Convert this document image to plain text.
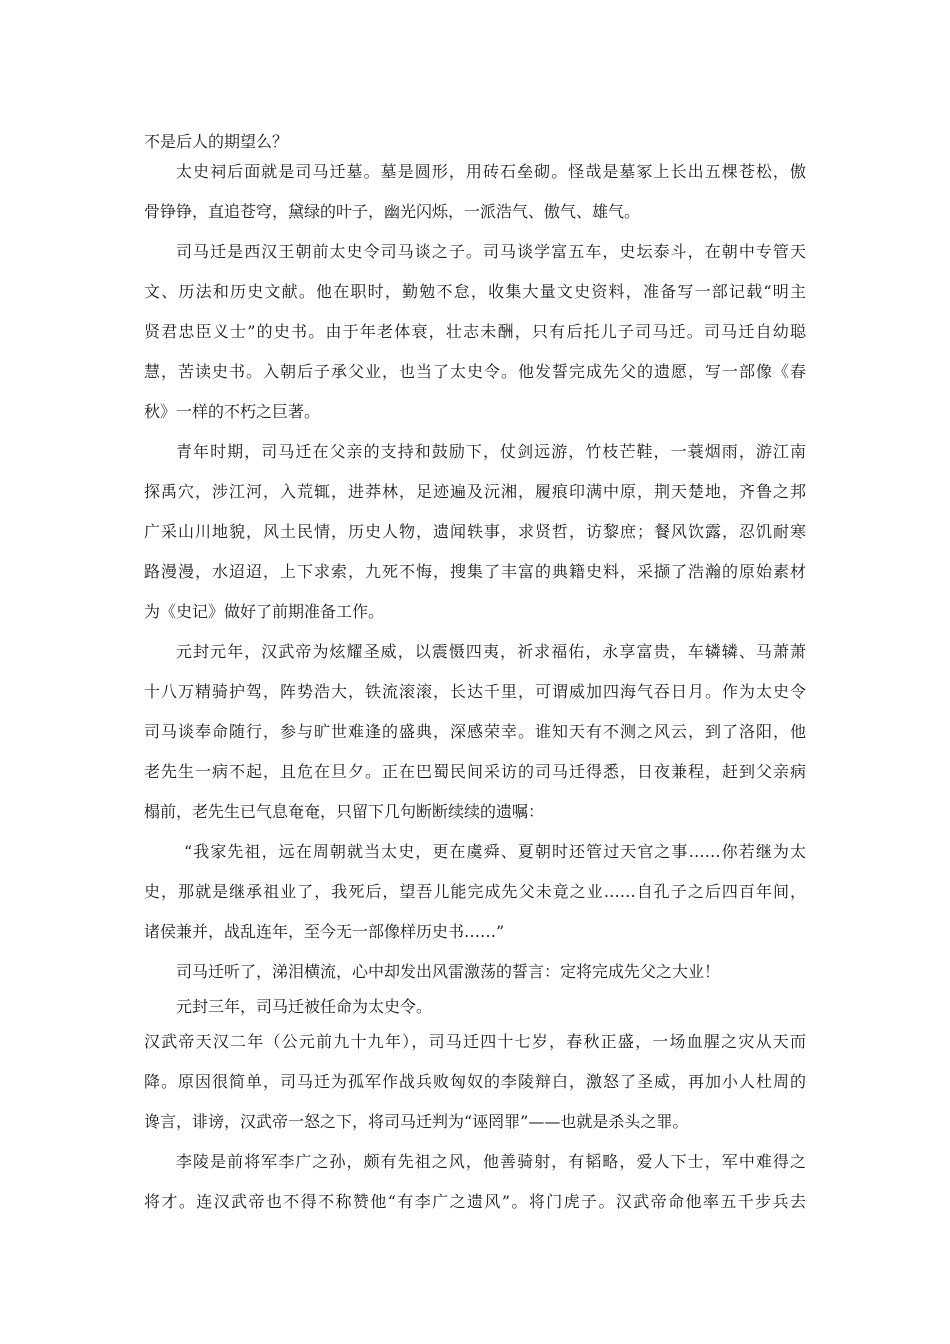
不是后人的期望么？
太史祠后面就是司马迁墓。墓是圆形，用砖石垒砌。怪哉是墓冢上长出五棵苍松，傲
骨铮铮，直追苍穹，黛绿的叶子，幽光闪烁，一派浩气、傲气、雄气。
司马迁是西汉王朝前太史令司马谈之子。司马谈学富五车，史坛泰斗，在朝中专管天
文、历法和历史文献。他在职时，勤勉不怠，收集大量文史资料，准备写一部记载“明主
贤君忠臣义士”的史书。由于年老体衰，壮志未酬，只有后托儿子司马迁。司马迁自幼聪
慧，苦读史书。入朝后子承父业，也当了太史令。他发誓完成先父的遗愿，写一部像《春
秋》一样的不朽之巨著。
青年时期，司马迁在父亲的支持和鼓励下，仗剑远游，竹枝芒鞋，一蓑烟雨，游江南
探禹穴，涉江河，入荒辄，进莽林，足迹遍及沅湘，履痕印满中原，荆天楚地，齐鲁之邦
广采山川地貌，风土民情，历史人物，遗闻轶事，求贤哲，访黎庶；餐风饮露，忍饥耐寒
路漫漫，水迢迢，上下求索，九死不悔，搜集了丰富的典籍史料，采撷了浩瀚的原始素材
为《史记》做好了前期准备工作。
元封元年，汉武帝为炫耀圣威，以震慑四夷，祈求福佑，永享富贵，车辚辚、马萧萧
十八万精骑护驾，阵势浩大，铁流滚滚，长达千里，可谓威加四海气吞日月。作为太史令
司马谈奉命随行，参与旷世难逢的盛典，深感荣幸。谁知天有不测之风云，到了洛阳，他
老先生一病不起，且危在旦夕。正在巴蜀民间采访的司马迁得悉，日夜兼程，赶到父亲病
榻前，老先生已气息奄奄，只留下几句断断续续的遗嘱：
“我家先祖，远在周朝就当太史，更在虞舜、夏朝时还管过天官之事……你若继为太
史，那就是继承祖业了，我死后，望吾儿能完成先父未竟之业……自孔子之后四百年间，
诸侯兼并，战乱连年，至今无一部像样历史书……”
司马迁听了，涕泪横流，心中却发出风雷激荡的誓言：定将完成先父之大业！
元封三年，司马迁被任命为太史令。
汉武帝天汉二年（公元前九十九年），司马迁四十七岁，春秋正盛，一场血腥之灾从天而
降。原因很简单，司马迁为孤军作战兵败匈奴的李陵辩白，激怒了圣威，再加小人杜周的
谗言，诽谤，汉武帝一怒之下，将司马迁判为“诬罔罪”——也就是杀头之罪。
李陵是前将军李广之孙，颇有先祖之风，他善骑射，有韬略，爱人下士，军中难得之
将才。连汉武帝也不得不称赞他“有李广之遗风”。将门虎子。汉武帝命他率五千步兵去
